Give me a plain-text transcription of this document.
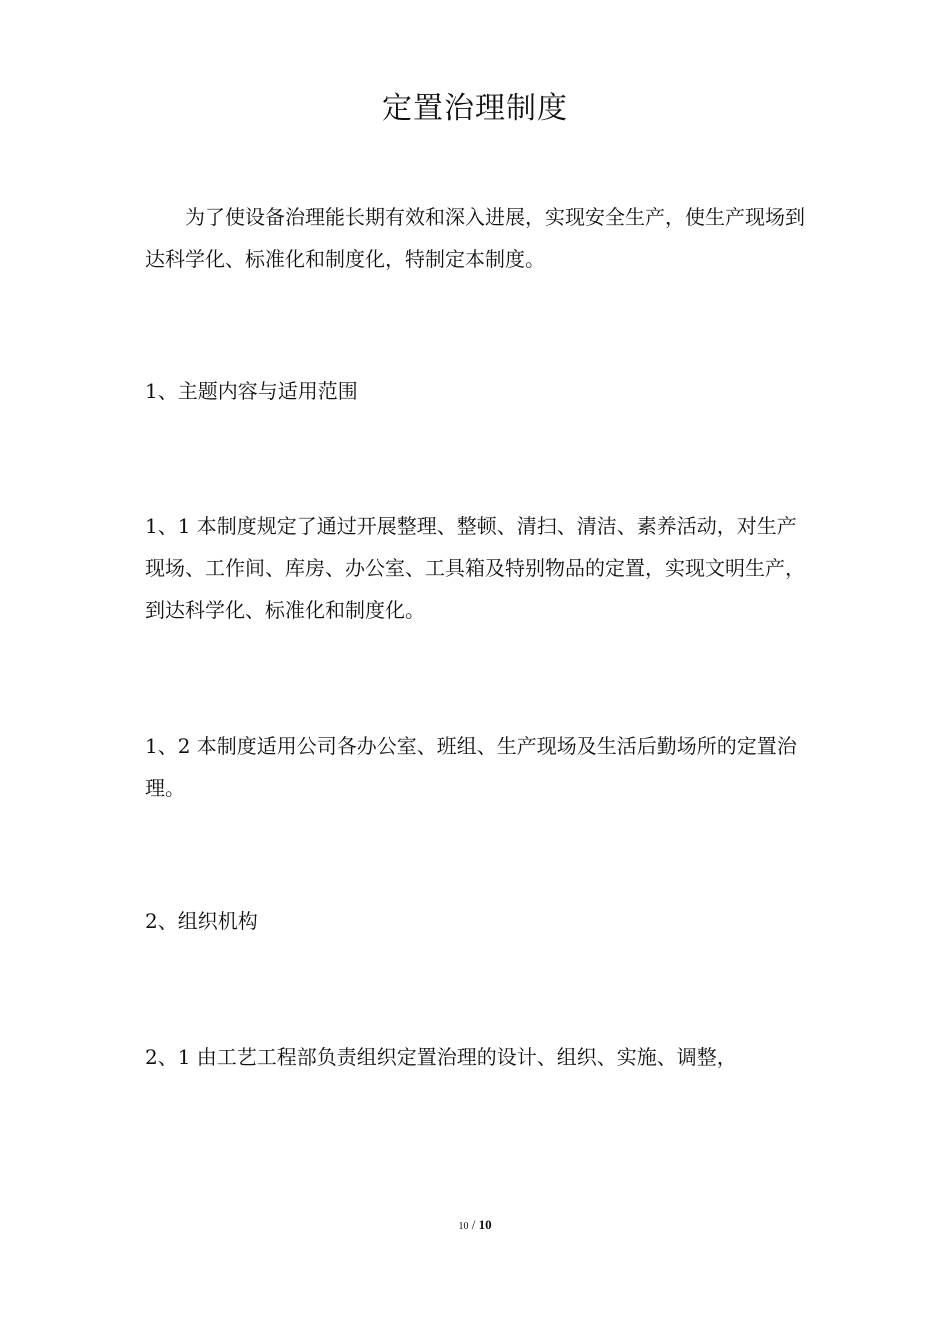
定置治理制度

为了使设备治理能长期有效和深入进展，实现安全生产，使生产现场到达科学化、标准化和制度化，特制定本制度。

1、主题内容与适用范围

1、1 本制度规定了通过开展整理、整顿、清扫、清洁、素养活动，对生产现场、工作间、库房、办公室、工具箱及特别物品的定置，实现文明生产，到达科学化、标准化和制度化。

1、2 本制度适用公司各办公室、班组、生产现场及生活后勤场所的定置治理。

2、组织机构

2、1 由工艺工程部负责组织定置治理的设计、组织、实施、调整，

10 / 10
